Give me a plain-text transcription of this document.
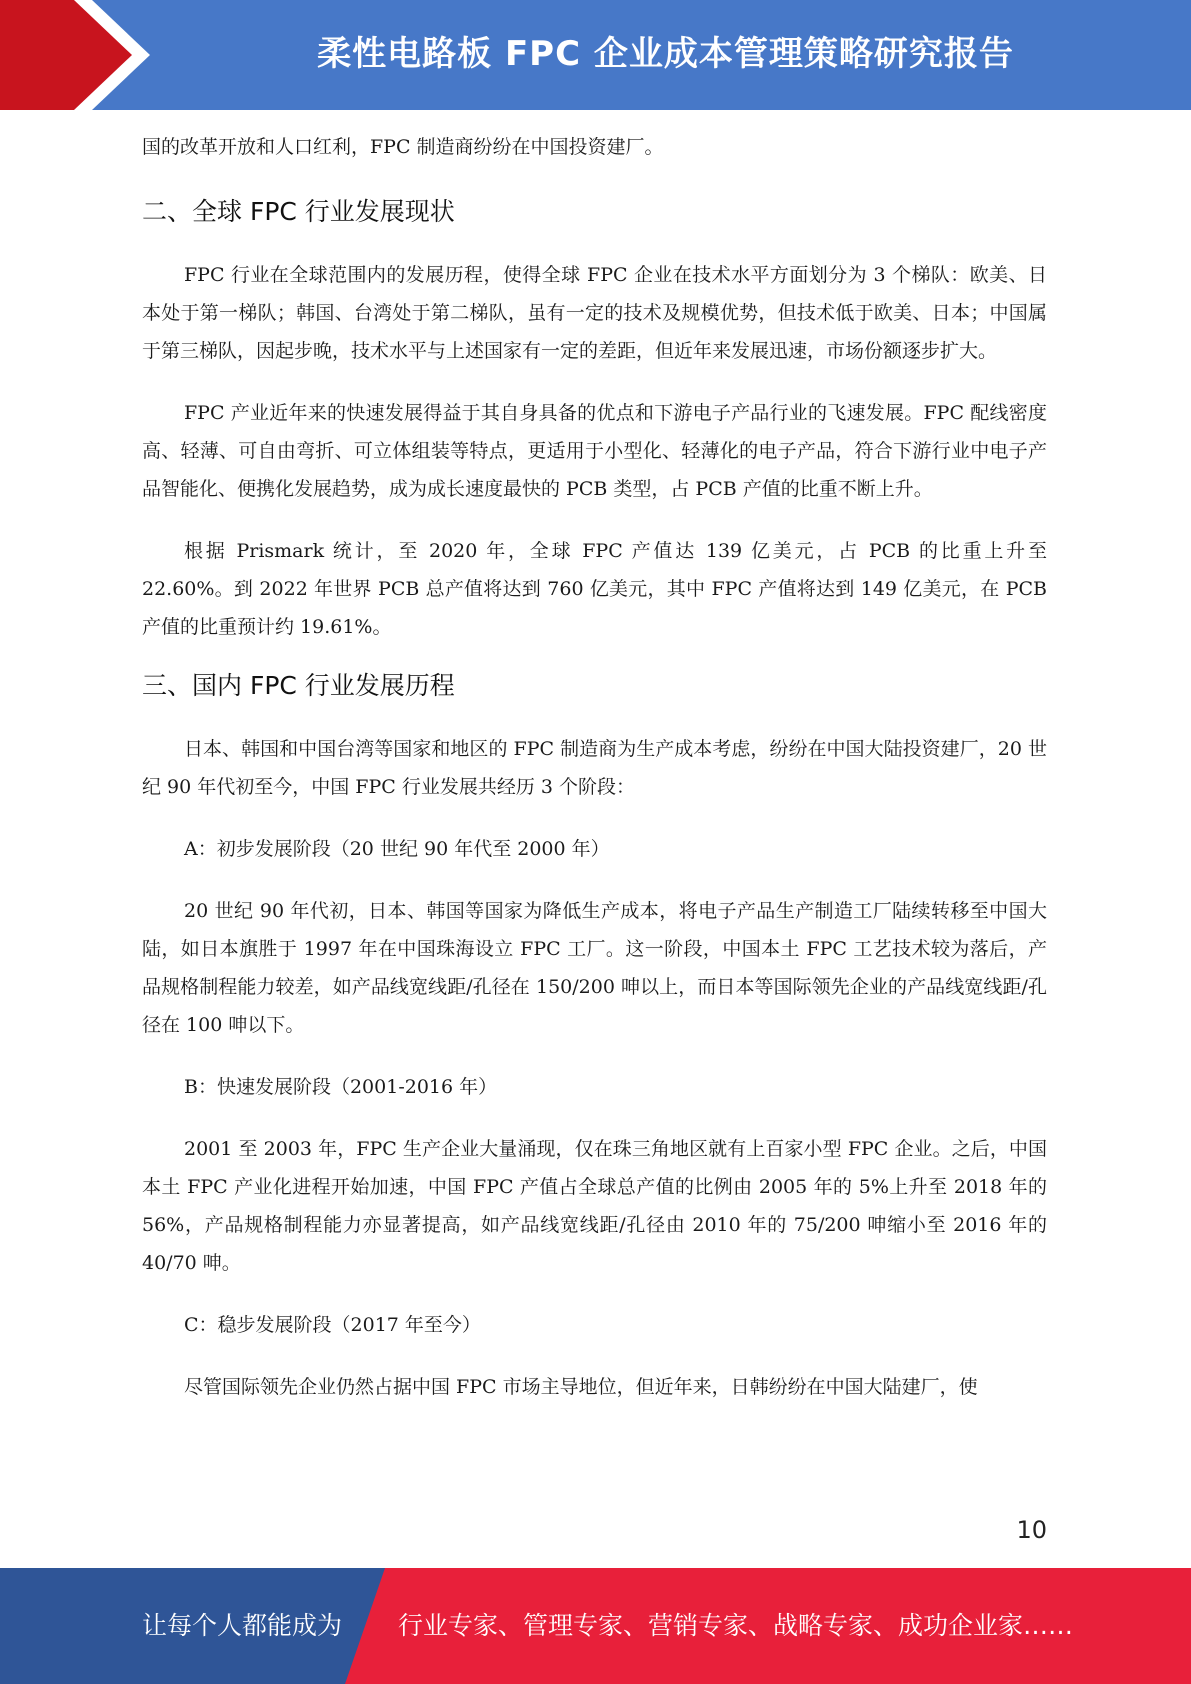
柔性电路板 FPC 企业成本管理策略研究报告

国的改革开放和人口红利，FPC 制造商纷纷在中国投资建厂。

二、全球 FPC 行业发展现状

FPC 行业在全球范围内的发展历程，使得全球 FPC 企业在技术水平方面划分为 3 个梯队：欧美、日本处于第一梯队；韩国、台湾处于第二梯队，虽有一定的技术及规模优势，但技术低于欧美、日本；中国属于第三梯队，因起步晚，技术水平与上述国家有一定的差距，但近年来发展迅速，市场份额逐步扩大。

FPC 产业近年来的快速发展得益于其自身具备的优点和下游电子产品行业的飞速发展。FPC 配线密度高、轻薄、可自由弯折、可立体组装等特点，更适用于小型化、轻薄化的电子产品，符合下游行业中电子产品智能化、便携化发展趋势，成为成长速度最快的 PCB 类型，占 PCB 产值的比重不断上升。

根据 Prismark 统计，至 2020 年，全球 FPC 产值达 139 亿美元，占 PCB 的比重上升至 22.60%。到 2022 年世界 PCB 总产值将达到 760 亿美元，其中 FPC 产值将达到 149 亿美元，在 PCB 产值的比重预计约 19.61%。

三、国内 FPC 行业发展历程

日本、韩国和中国台湾等国家和地区的 FPC 制造商为生产成本考虑，纷纷在中国大陆投资建厂，20 世纪 90 年代初至今，中国 FPC 行业发展共经历 3 个阶段：

A：初步发展阶段（20 世纪 90 年代至 2000 年）

20 世纪 90 年代初，日本、韩国等国家为降低生产成本，将电子产品生产制造工厂陆续转移至中国大陆，如日本旗胜于 1997 年在中国珠海设立 FPC 工厂。这一阶段，中国本土 FPC 工艺技术较为落后，产品规格制程能力较差，如产品线宽线距/孔径在 150/200 呻以上，而日本等国际领先企业的产品线宽线距/孔径在 100 呻以下。

B：快速发展阶段（2001-2016 年）

2001 至 2003 年，FPC 生产企业大量涌现，仅在珠三角地区就有上百家小型 FPC 企业。之后，中国本土 FPC 产业化进程开始加速，中国 FPC 产值占全球总产值的比例由 2005 年的 5%上升至 2018 年的 56%，产品规格制程能力亦显著提高，如产品线宽线距/孔径由 2010 年的 75/200 呻缩小至 2016 年的 40/70 呻。

C：稳步发展阶段（2017 年至今）

尽管国际领先企业仍然占据中国 FPC 市场主导地位，但近年来，日韩纷纷在中国大陆建厂，使

10
让每个人都能成为 行业专家、管理专家、营销专家、战略专家、成功企业家……
